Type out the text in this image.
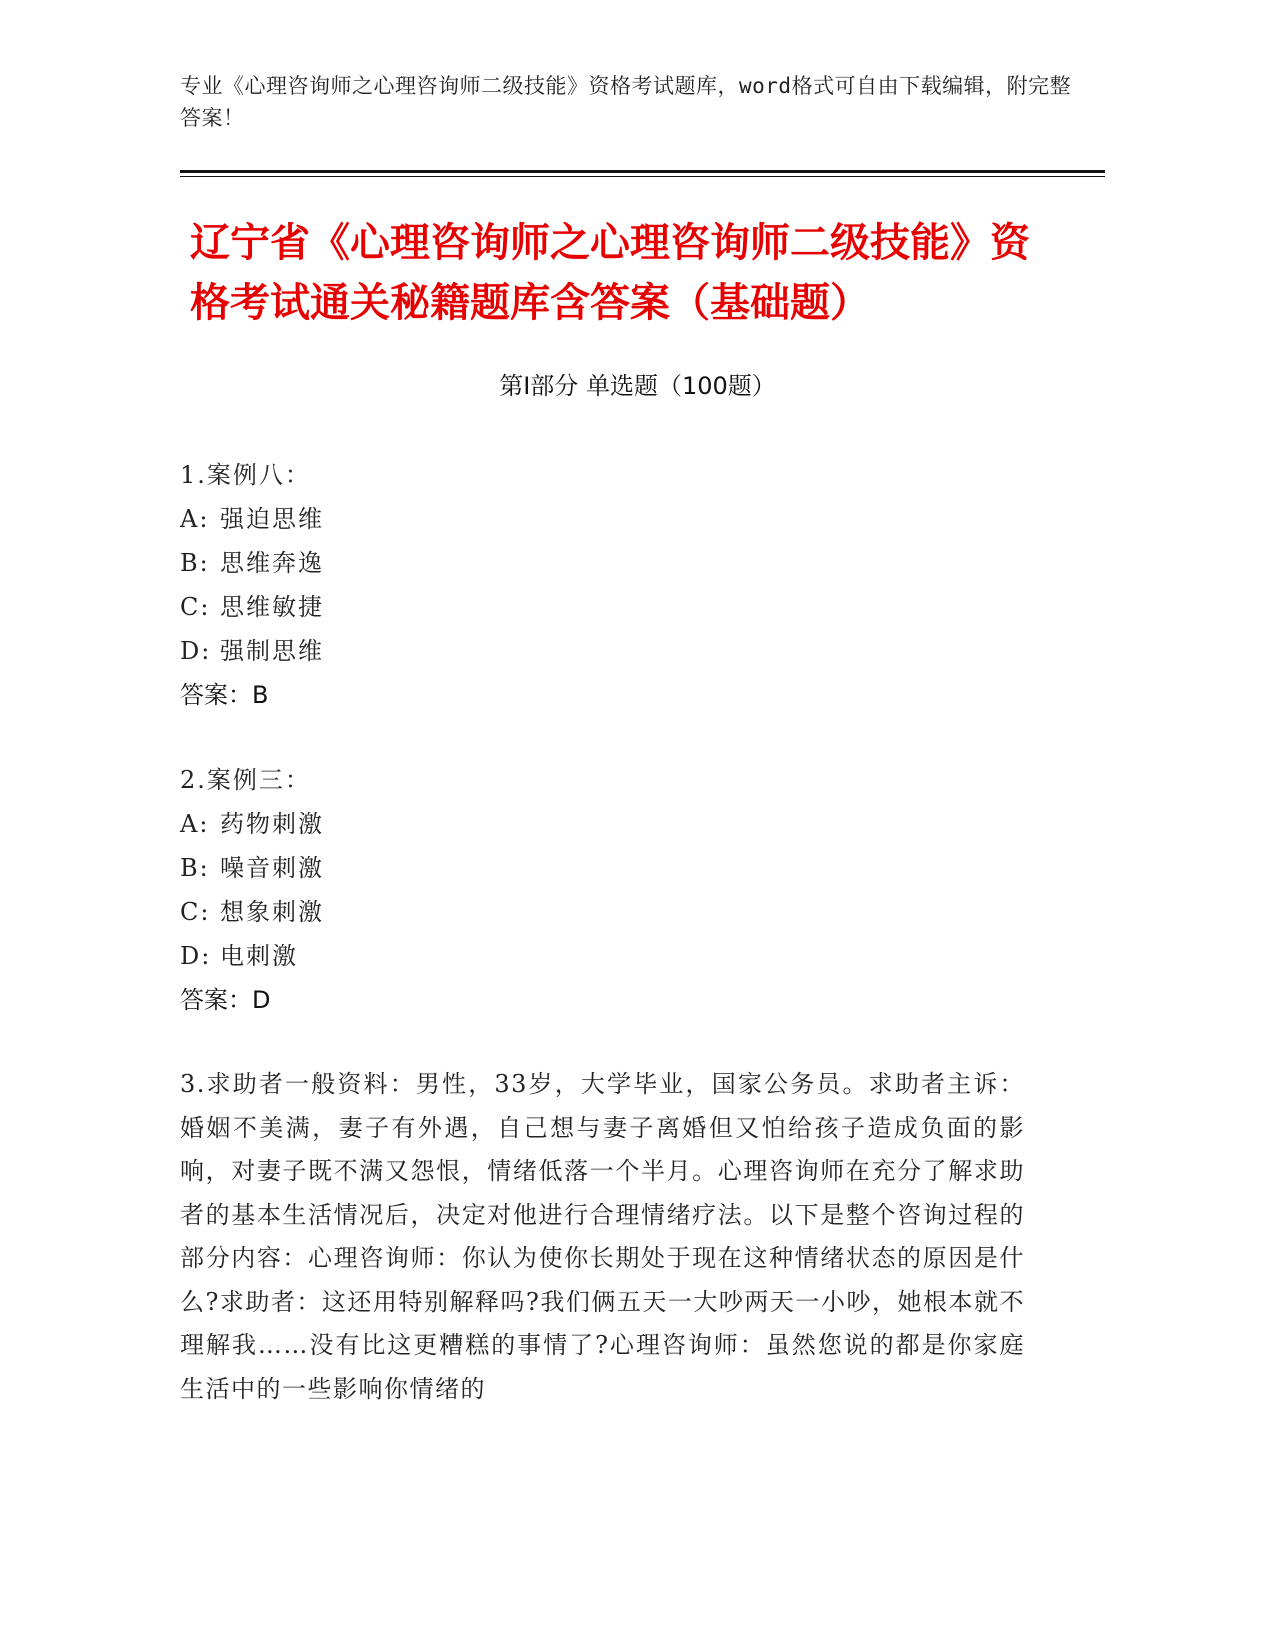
专业《心理咨询师之心理咨询师二级技能》资格考试题库，word格式可自由下载编辑，附完整答案！
辽宁省《心理咨询师之心理咨询师二级技能》资格考试通关秘籍题库含答案（基础题）
第Ⅰ部分 单选题（100题）
1.案例八：
A: 强迫思维
B: 思维奔逸
C: 思维敏捷
D: 强制思维
答案：B
2.案例三：
A: 药物刺激
B: 噪音刺激
C: 想象刺激
D: 电刺激
答案：D
3.求助者一般资料：男性，33岁，大学毕业，国家公务员。求助者主诉：婚姻不美满，妻子有外遇，自己想与妻子离婚但又怕给孩子造成负面的影响，对妻子既不满又怨恨，情绪低落一个半月。心理咨询师在充分了解求助者的基本生活情况后，决定对他进行合理情绪疗法。以下是整个咨询过程的部分内容：心理咨询师：你认为使你长期处于现在这种情绪状态的原因是什么?求助者：这还用特别解释吗?我们俩五天一大吵两天一小吵，她根本就不理解我……没有比这更糟糕的事情了?心理咨询师：虽然您说的都是你家庭生活中的一些影响你情绪的
